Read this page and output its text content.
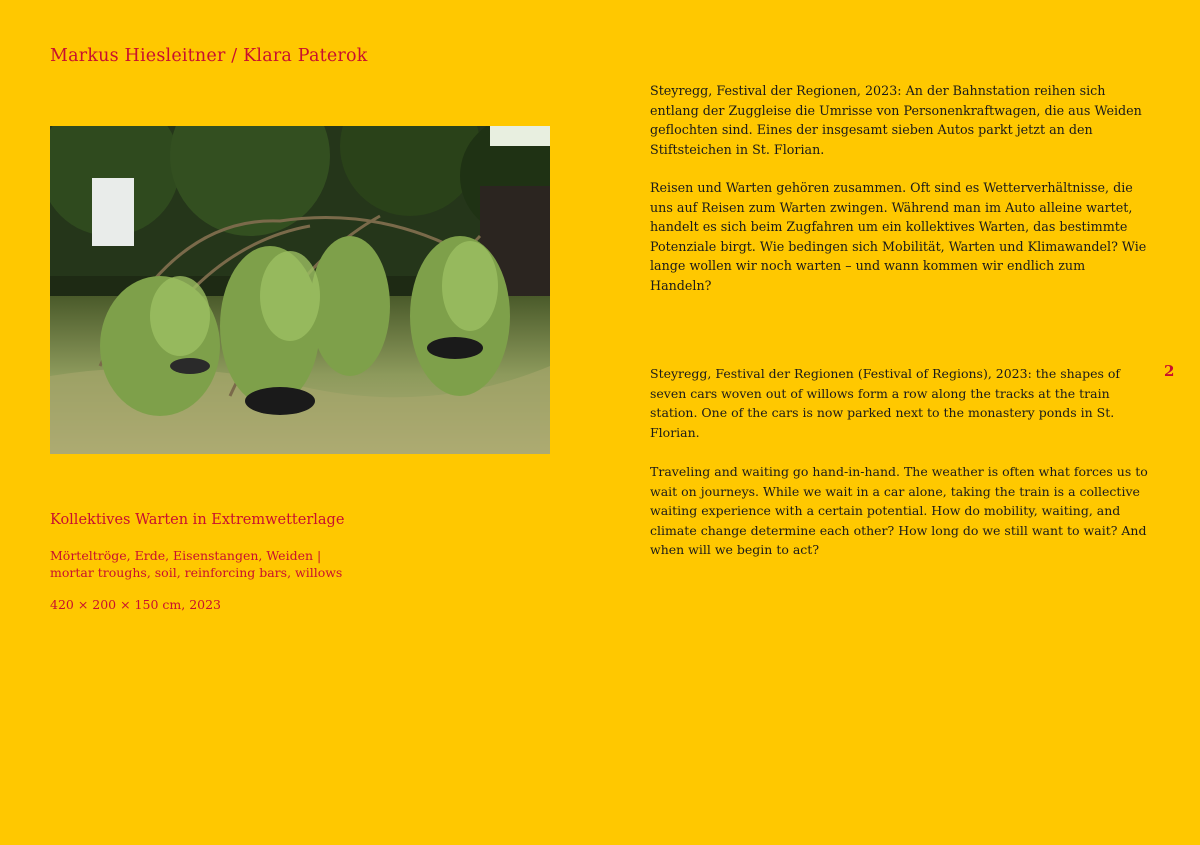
Markus Hiesleitner / Klara Paterok
Kollektives Warten in Extremwetterlage
Mörteltröge, Erde, Eisenstangen, Weiden |
mortar troughs, soil, reinforcing bars, willows
420 × 200 × 150 cm, 2023

Steyregg, Festival der Regionen, 2023: An der Bahnstation reihen sich entlang der Zuggleise die Umrisse von Personenkraftwagen, die aus Weiden geflochten sind. Eines der insgesamt sieben Autos parkt jetzt an den Stiftsteichen in St. Florian.

Reisen und Warten gehören zusammen. Oft sind es Wetterverhältnisse, die uns auf Reisen zum Warten zwingen. Während man im Auto alleine wartet, handelt es sich beim Zugfahren um ein kollektives Warten, das bestimmte Potenziale birgt. Wie bedingen sich Mobilität, Warten und Klimawandel? Wie lange wollen wir noch warten – und wann kommen wir endlich zum Handeln?

Steyregg, Festival der Regionen (Festival of Regions), 2023: the shapes of seven cars woven out of willows form a row along the tracks at the train station. One of the cars is now parked next to the monastery ponds in St. Florian.

Traveling and waiting go hand-in-hand. The weather is often what forces us to wait on journeys. While we wait in a car alone, taking the train is a collective waiting experience with a certain potential. How do mobility, waiting, and climate change determine each other? How long do we still want to wait? And when will we begin to act?

2
